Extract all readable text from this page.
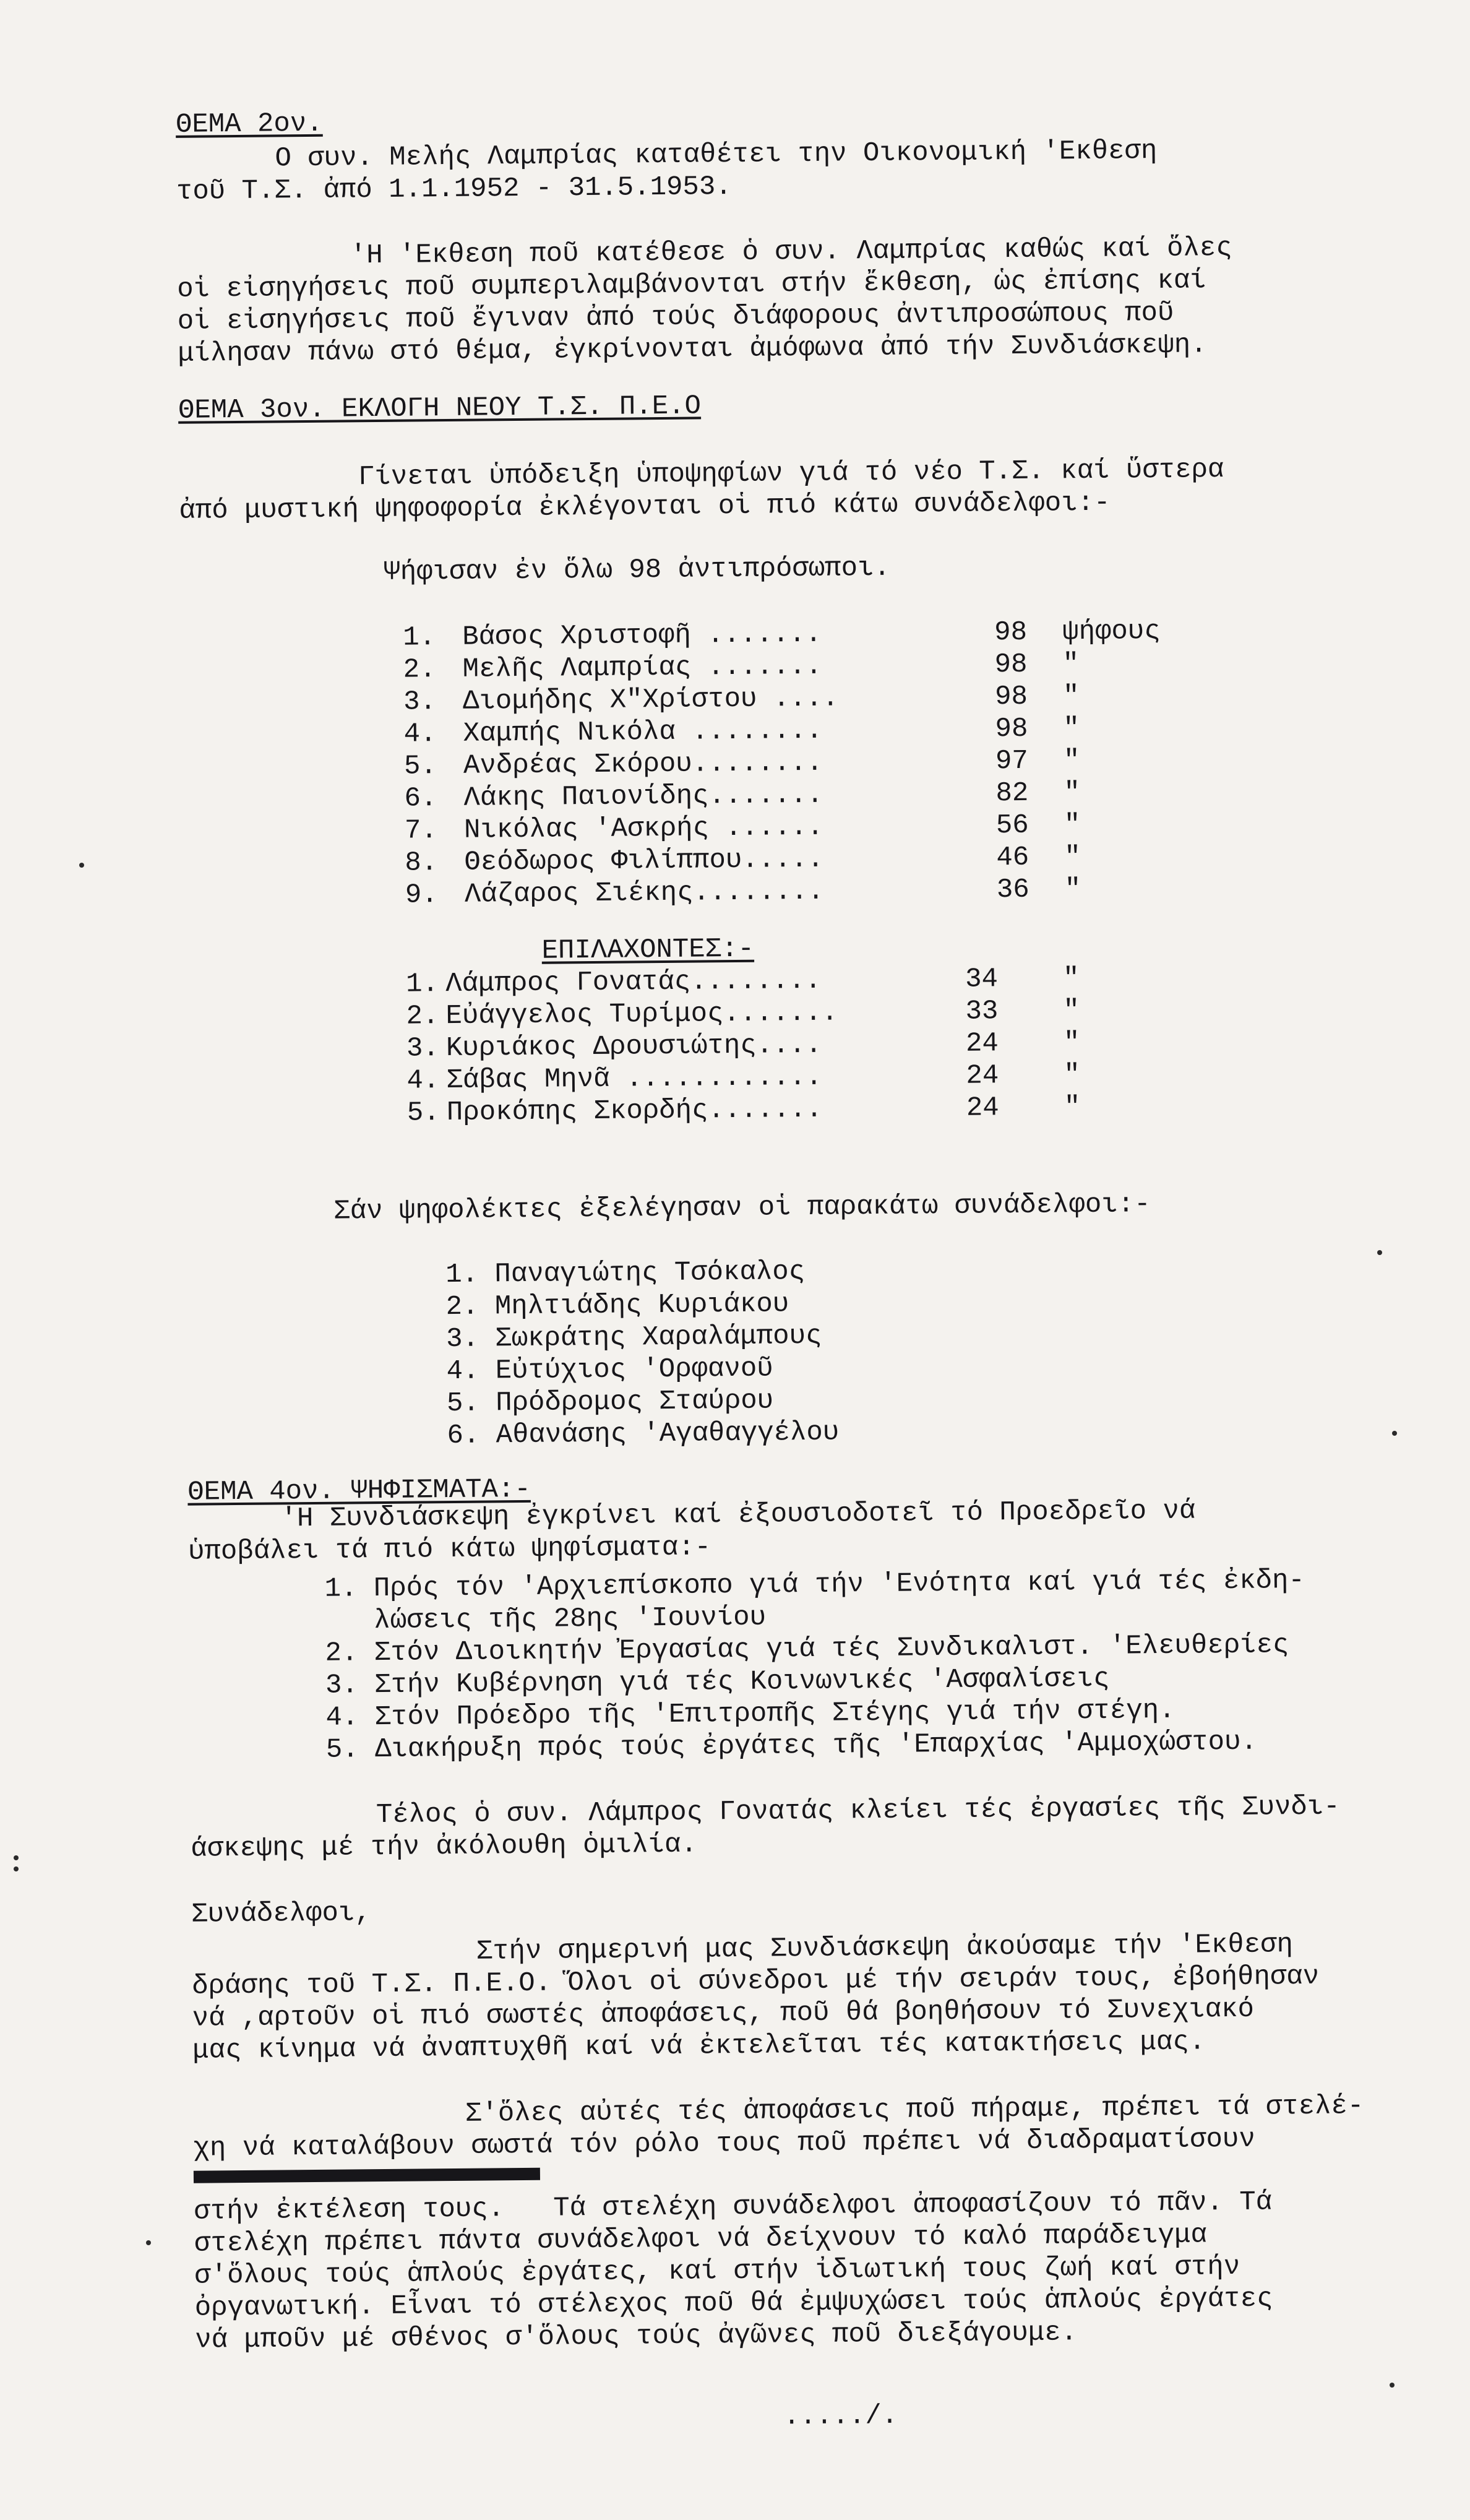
ΘΕΜΑ 2ον.
Ο συν. Μελής Λαμπρίας καταθέτει την Οικονομική 'Εκθεση
τοῦ Τ.Σ. ἀπό 1.1.1952 - 31.5.1953.
'Η 'Εκθεση ποῦ κατέθεσε ὁ συν. Λαμπρίας καθώς καί ὅλες
οἱ εἰσηγήσεις ποῦ συμπεριλαμβάνονται στήν ἔκθεση, ὡς ἐπίσης καί
οἱ εἰσηγήσεις ποῦ ἔγιναν ἀπό τούς διάφορους ἀντιπροσώπους ποῦ
μίλησαν πάνω στό θέμα, ἐγκρίνονται ἀμόφωνα ἀπό τήν Συνδιάσκεψη.
ΘΕΜΑ 3ον. ΕΚΛΟΓΗ ΝΕΟΥ Τ.Σ. Π.Ε.Ο
Γίνεται ὑπόδειξη ὑποψηφίων γιά τό νέο Τ.Σ. καί ὕστερα
ἀπό μυστική ψηφοφορία ἐκλέγονται οἱ πιό κάτω συνάδελφοι:-
Ψήφισαν ἐν ὅλω 98 ἀντιπρόσωποι.
1. Βάσος Χριστοφῆ .......	98	ψήφους
2. Μελῆς Λαμπρίας .......	98	"
3. Διομήδης Χ"Χρίστου ....	98	"
4. Χαμπής Νικόλα ........	98	"
5. Ανδρέας Σκόρου........	97	"
6. Λάκης Παιονίδης.......	82	"
7. Νικόλας 'Ασκρής ......	56	"
8. Θεόδωρος Φιλίππου.....	46	"
9. Λάζαρος Σιέκης........	36	"
ΕΠΙΛΑΧΟΝΤΕΣ:-
1. Λάμπρος Γονατάς........	34	"
2. Εὐάγγελος Τυρίμος.......	33	"
3. Κυριάκος Δρουσιώτης....	24	"
4. Σάβας Μηνᾶ ............	24	"
5. Προκόπης Σκορδής.......	24	"
Σάν ψηφολέκτες ἐξελέγησαν οἱ παρακάτω συνάδελφοι:-
1. Παναγιώτης Τσόκαλος
2. Μηλτιάδης Κυριάκου
3. Σωκράτης Χαραλάμπους
4. Εὐτύχιος 'Ορφανοῦ
5. Πρόδρομος Σταύρου
6. Αθανάσης 'Αγαθαγγέλου
ΘΕΜΑ 4ον. ΨΗΦΙΣΜΑΤΑ:-
'Η Συνδιάσκεψη ἐγκρίνει καί ἐξουσιοδοτεῖ τό Προεδρεῖο νά
ὑποβάλει τά πιό κάτω ψηφίσματα:-
1. Πρός τόν 'Αρχιεπίσκοπο γιά τήν 'Ενότητα καί γιά τές ἐκδη-
λώσεις τῆς 28ης 'Ιουνίου
2. Στόν Διοικητήν Ἐργασίας γιά τές Συνδικαλιστ. 'Ελευθερίες
3. Στήν Κυβέρνηση γιά τές Κοινωνικές 'Ασφαλίσεις
4. Στόν Πρόεδρο τῆς 'Επιτροπῆς Στέγης γιά τήν στέγη.
5. Διακήρυξη πρός τούς ἐργάτες τῆς 'Επαρχίας 'Αμμοχώστου.
Τέλος ὁ συν. Λάμπρος Γονατάς κλείει τές ἐργασίες τῆς Συνδι-
άσκεψης μέ τήν ἀκόλουθη ὁμιλία.
Συνάδελφοι,
Στήν σημερινή μας Συνδιάσκεψη ἀκούσαμε τήν 'Εκθεση
δράσης τοῦ Τ.Σ. Π.Ε.Ο. Ὅλοι οἱ σύνεδροι μέ τήν σειράν τους, ἐβοήθησαν
νά ,αρτοῦν οἱ πιό σωστές ἀποφάσεις, ποῦ θά βοηθήσουν τό Συνεχιακό
μας κίνημα νά ἀναπτυχθῆ καί νά ἐκτελεῖται τές κατακτήσεις μας.
Σ'ὅλες αὐτές τές ἀποφάσεις ποῦ πήραμε, πρέπει τά στελέ-
χη νά καταλάβουν σωστά τόν ρόλο τους ποῦ πρέπει νά διαδραματίσουν
στήν ἐκτέλεση τους.   Τά στελέχη συνάδελφοι ἀποφασίζουν τό πᾶν. Τά
στελέχη πρέπει πάντα συνάδελφοι νά δείχνουν τό καλό παράδειγμα
σ'ὅλους τούς ἁπλούς ἐργάτες, καί στήν ἰδιωτική τους ζωή καί στήν
ὀργανωτική. Εἶναι τό στέλεχος ποῦ θά ἐμψυχώσει τούς ἁπλούς ἐργάτες
νά μποῦν μέ σθένος σ'ὅλους τούς ἀγῶνες ποῦ διεξάγουμε.
...../.
